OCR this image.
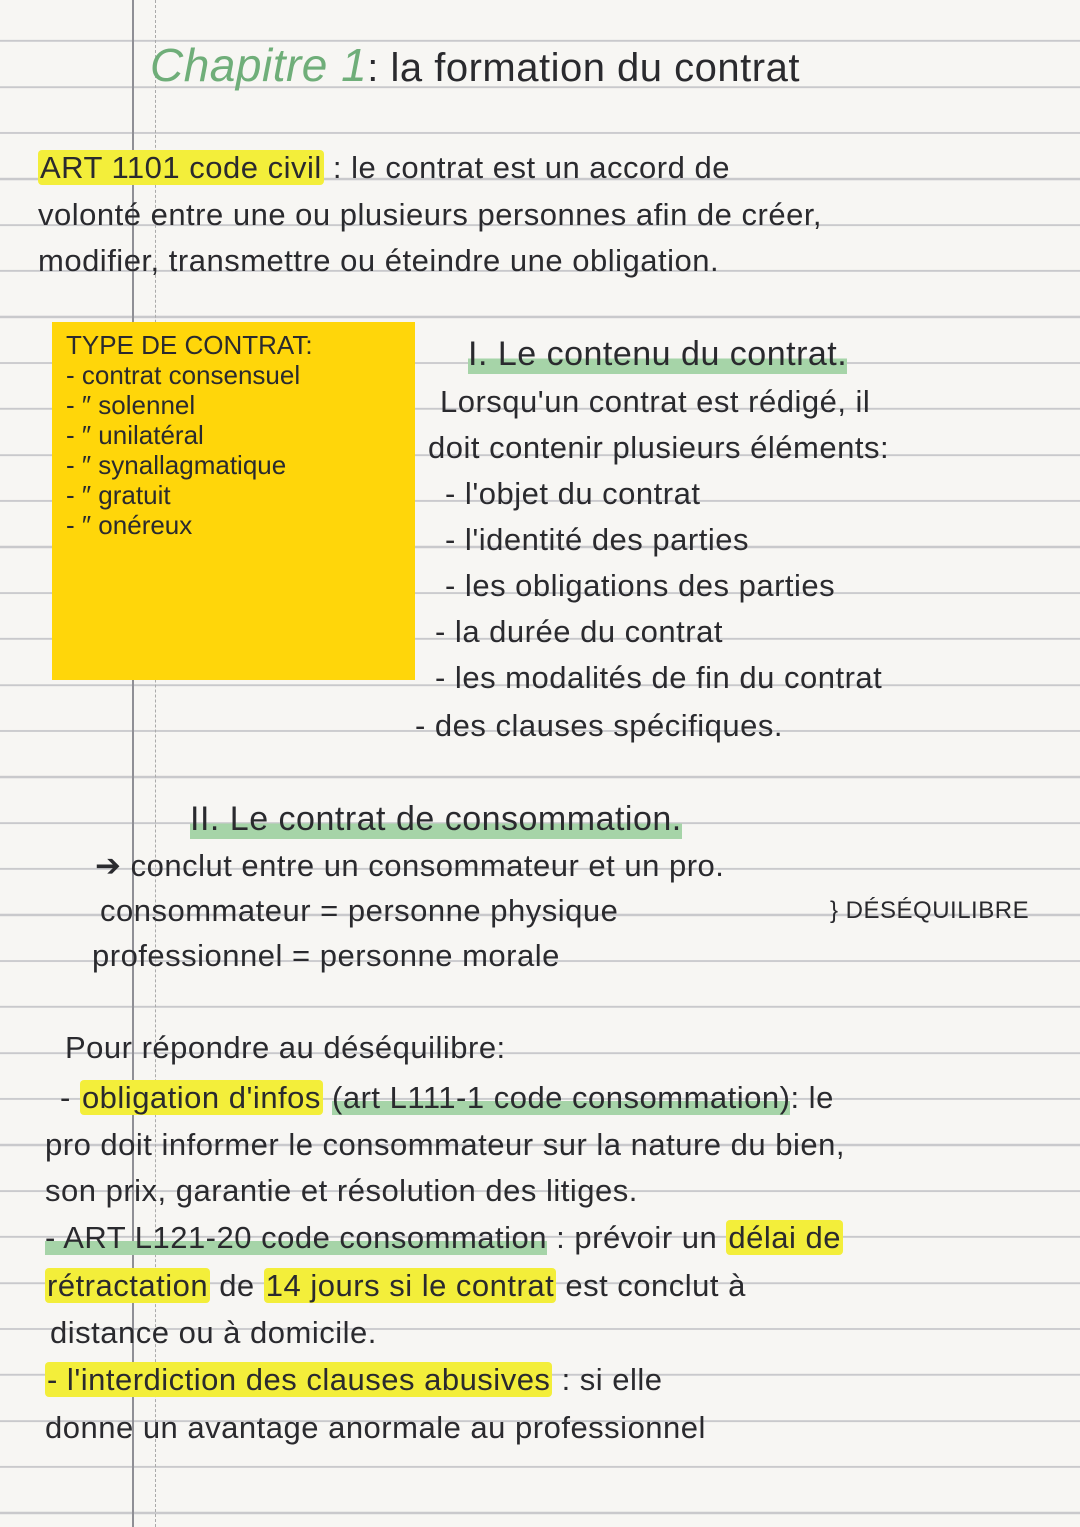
Chapitre 1: la formation du contrat
ART 1101 code civil : le contrat est un accord de
volonté entre une ou plusieurs personnes afin de créer,
modifier, transmettre ou éteindre une obligation.
TYPE DE CONTRAT:
- contrat consensuel
- ″ solennel
- ″ unilatéral
- ″ synallagmatique
- ″ gratuit
- ″ onéreux
I. Le contenu du contrat.
Lorsqu'un contrat est rédigé, il
doit contenir plusieurs éléments:
- l'objet du contrat
- l'identité des parties
- les obligations des parties
- la durée du contrat
- les modalités de fin du contrat
- des clauses spécifiques.
II. Le contrat de consommation.
➔ conclut entre un consommateur et un pro.
consommateur = personne physique	} DÉSÉQUILIBRE
professionnel = personne morale
Pour répondre au déséquilibre:
- obligation d'infos (art L111-1 code consommation): le
pro doit informer le consommateur sur la nature du bien,
son prix, garantie et résolution des litiges.
- ART L121-20 code consommation : prévoir un délai de
rétractation de 14 jours si le contrat est conclut à
distance ou à domicile.
- l'interdiction des clauses abusives : si elle
donne un avantage anormale au professionnel
